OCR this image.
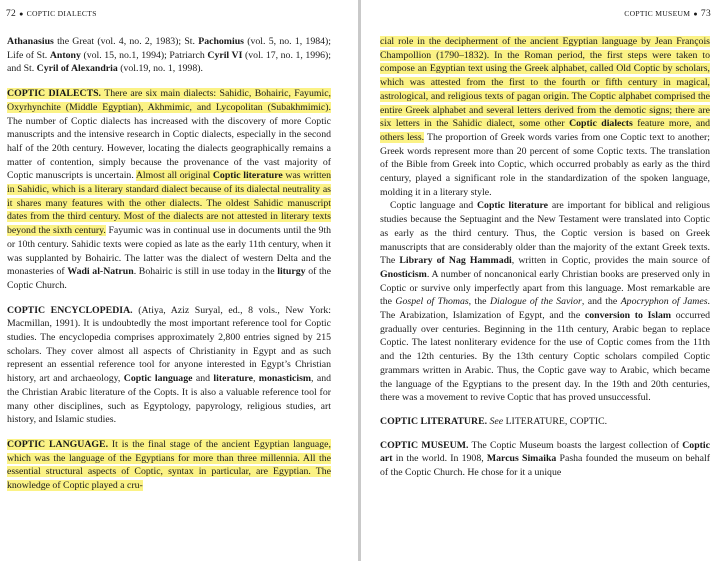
72 ● COPTIC DIALECTS

Athanasius the Great (vol. 4, no. 2, 1983); St. Pachomius (vol. 5, no. 1, 1984); Life of St. Antony (vol. 15, no.1, 1994); Patriarch Cyril VI (vol. 17, no. 1, 1996); and St. Cyril of Alexandria (vol.19, no. 1, 1998).

COPTIC DIALECTS. There are six main dialects: Sahidic, Bohairic, Fayumic, Oxyrhynchite (Middle Egyptian), Akhmimic, and Lycopolitan (Subakhmimic). The number of Coptic dialects has increased with the discovery of more Coptic manuscripts and the intensive research in Coptic dialects, especially in the second half of the 20th century. However, locating the dialects geographically remains a matter of contention, simply because the provenance of the vast majority of Coptic manuscripts is uncertain. Almost all original Coptic literature was written in Sahidic, which is a literary standard dialect because of its dialectal neutrality as it shares many features with the other dialects. The oldest Sahidic manuscript dates from the third century. Most of the dialects are not attested in literary texts beyond the sixth century. Fayumic was in continual use in documents until the 9th or 10th century. Sahidic texts were copied as late as the early 11th century, when it was supplanted by Bohairic. The latter was the dialect of western Delta and the monasteries of Wadi al-Natrun. Bohairic is still in use today in the liturgy of the Coptic Church.

COPTIC ENCYCLOPEDIA. (Atiya, Aziz Suryal, ed., 8 vols., New York: Macmillan, 1991). It is undoubtedly the most important reference tool for Coptic studies. The encyclopedia comprises approximately 2,800 entries signed by 215 scholars. They cover almost all aspects of Christianity in Egypt and as such represent an essential reference tool for anyone interested in Egypt’s Christian history, art and archaeology, Coptic language and literature, monasticism, and the Christian Arabic literature of the Copts. It is also a valuable reference tool for many other disciplines, such as Egyptology, papyrology, religious studies, art history, and Islamic studies.

COPTIC LANGUAGE. It is the final stage of the ancient Egyptian language, which was the language of the Egyptians for more than three millennia. All the essential structural aspects of Coptic, syntax in particular, are Egyptian. The knowledge of Coptic played a cru-

COPTIC MUSEUM ● 73

cial role in the decipherment of the ancient Egyptian language by Jean François Champollion (1790–1832). In the Roman period, the first steps were taken to compose an Egyptian text using the Greek alphabet, called Old Coptic by scholars, which was attested from the first to the fourth or fifth century in magical, astrological, and religious texts of pagan origin. The Coptic alphabet comprised the entire Greek alphabet and several letters derived from the demotic signs; there are six letters in the Sahidic dialect, some other Coptic dialects feature more, and others less. The proportion of Greek words varies from one Coptic text to another; Greek words represent more than 20 percent of some Coptic texts. The translation of the Bible from Greek into Coptic, which occurred probably as early as the third century, played a significant role in the standardization of the spoken language, molding it in a literary style.

Coptic language and Coptic literature are important for biblical and religious studies because the Septuagint and the New Testament were translated into Coptic as early as the third century. Thus, the Coptic version is based on Greek manuscripts that are considerably older than the majority of the extant Greek texts. The Library of Nag Hammadi, written in Coptic, provides the main source of Gnosticism. A number of noncanonical early Christian books are preserved only in Coptic or survive only imperfectly apart from this language. Most remarkable are the Gospel of Thomas, the Dialogue of the Savior, and the Apocryphon of James. The Arabization, Islamization of Egypt, and the conversion to Islam occurred gradually over centuries. Beginning in the 11th century, Arabic began to replace Coptic. The latest nonliterary evidence for the use of Coptic comes from the 11th and the 12th centuries. By the 13th century Coptic scholars compiled Coptic grammars written in Arabic. Thus, the Coptic gave way to Arabic, which became the language of the Egyptians to the present day. In the 19th and 20th centuries, there was a movement to revive Coptic that has proved unsuccessful.

COPTIC LITERATURE. See LITERATURE, COPTIC.

COPTIC MUSEUM. The Coptic Museum boasts the largest collection of Coptic art in the world. In 1908, Marcus Simaika Pasha founded the museum on behalf of the Coptic Church. He chose for it a unique
